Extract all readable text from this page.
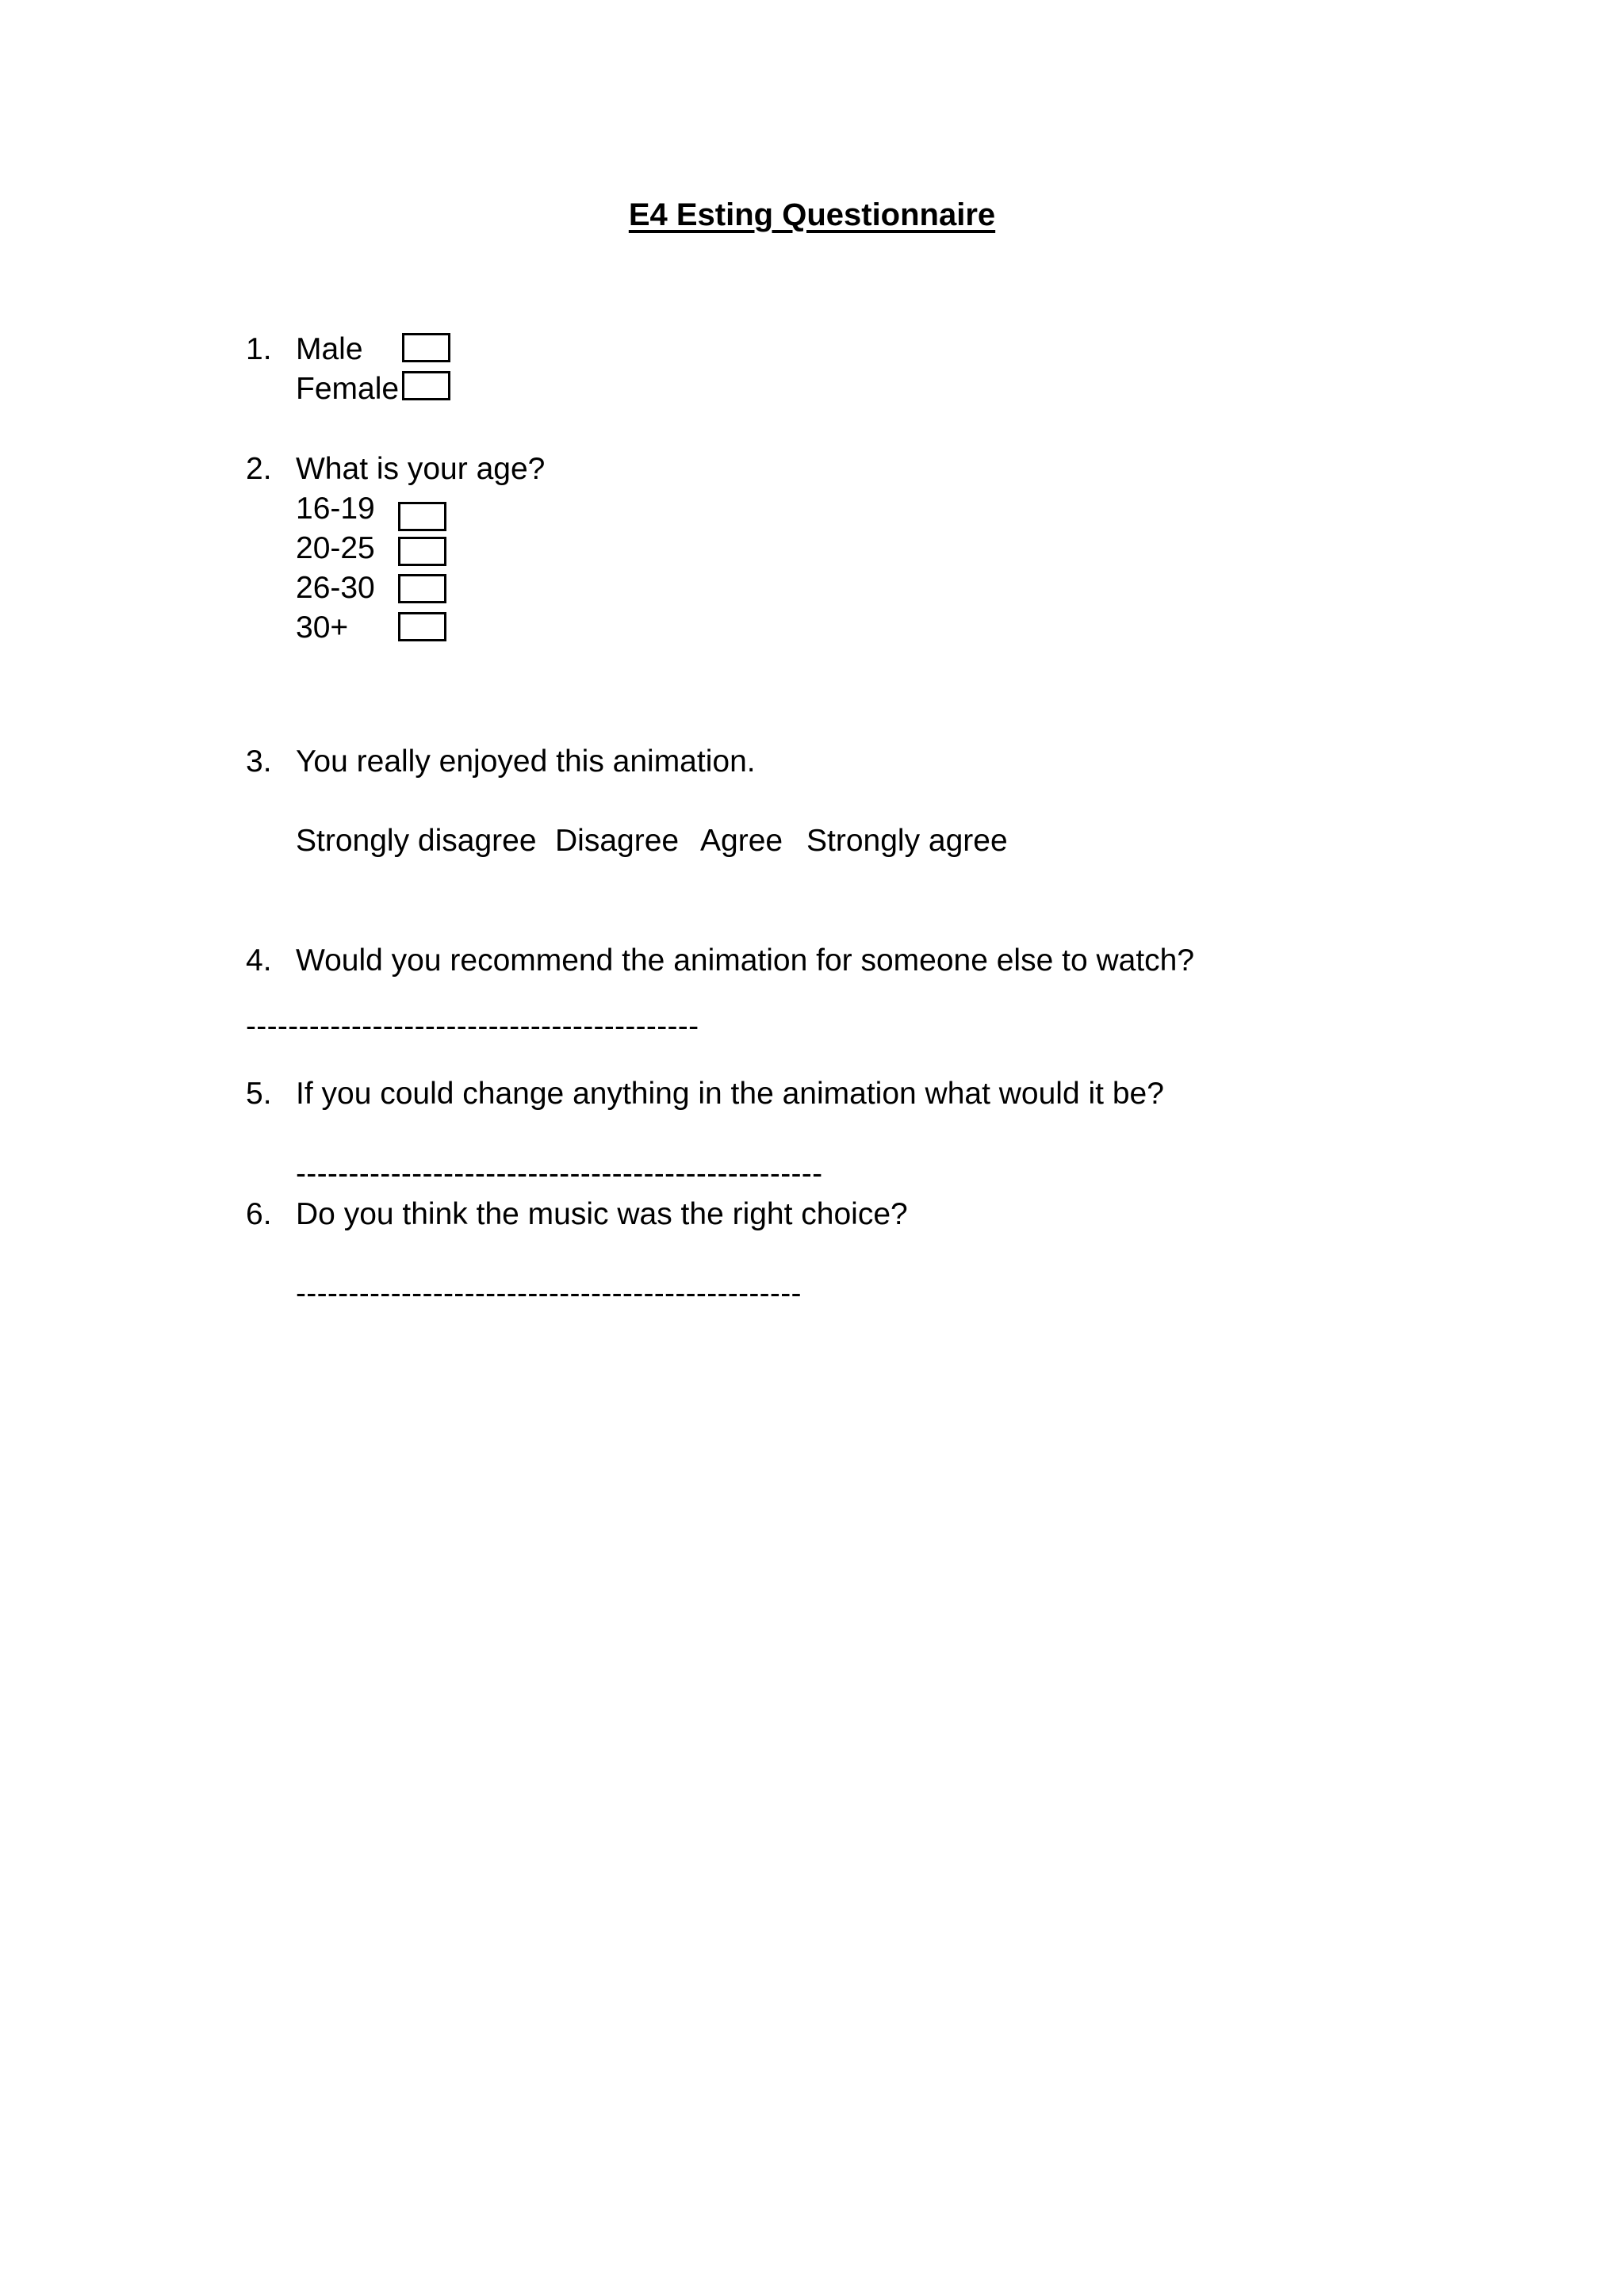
E4 Esting Questionnaire
1. Male
Female
2. What is your age?
16-19
20-25
26-30
30+
3. You really enjoyed this animation.
Strongly disagree Disagree Agree Strongly agree
4. Would you recommend the animation for someone else to watch?
-------------------------------------------
5. If you could change anything in the animation what would it be?
--------------------------------------------------
6. Do you think the music was the right choice?
------------------------------------------------
